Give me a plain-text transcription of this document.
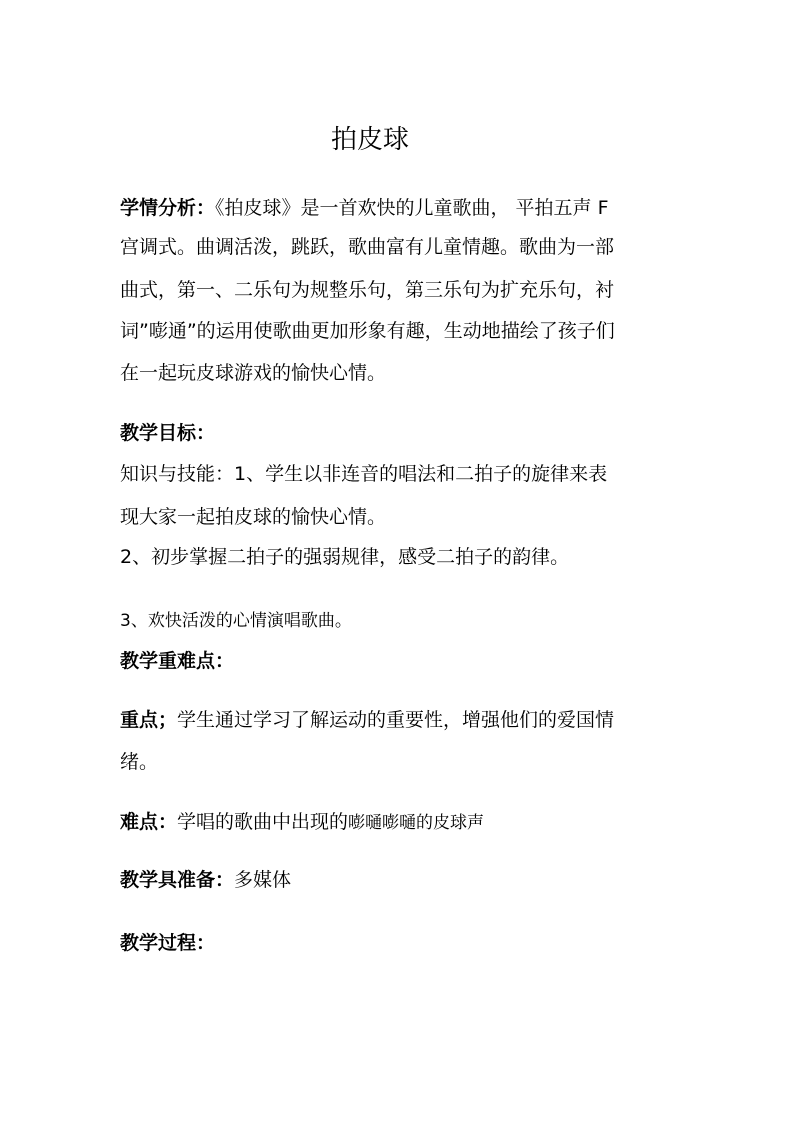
拍皮球
学情分析：《拍皮球》是一首欢快的儿童歌曲， 平拍五声 F
宫调式。曲调活泼，跳跃，歌曲富有儿童情趣。歌曲为一部
曲式，第一、二乐句为规整乐句，第三乐句为扩充乐句，衬
词”嘭通”的运用使歌曲更加形象有趣，生动地描绘了孩子们
在一起玩皮球游戏的愉快心情。
教学目标：
知识与技能：1、学生以非连音的唱法和二拍子的旋律来表
现大家一起拍皮球的愉快心情。
2、初步掌握二拍子的强弱规律，感受二拍子的韵律。
3、欢快活泼的心情演唱歌曲。
教学重难点：
重点；学生通过学习了解运动的重要性，增强他们的爱国情
绪。
难点：学唱的歌曲中出现的嘭嗵嘭嗵的皮球声
教学具准备：多媒体
教学过程：
